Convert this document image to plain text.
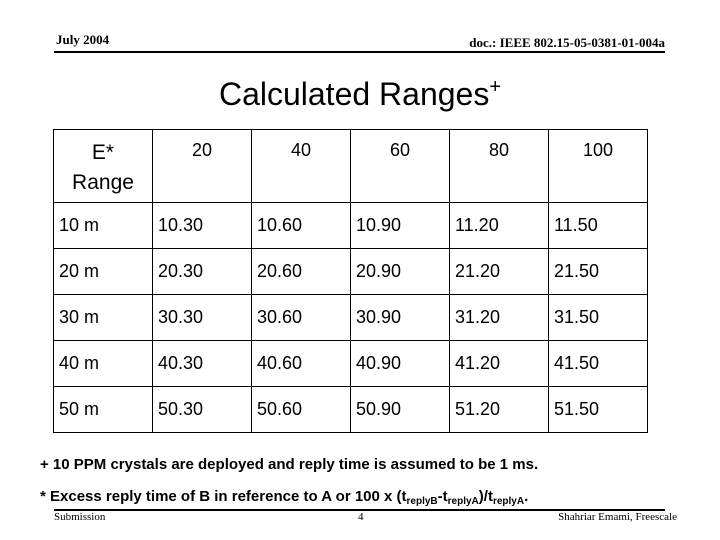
July 2004	doc.: IEEE 802.15-05-0381-01-004a
Calculated Ranges+
E*
Range	20	40	60	80	100

10 m	10.30	10.60	10.90	11.20	11.50
20 m	20.30	20.60	20.90	21.20	21.50
30 m	30.30	30.60	30.90	31.20	31.50
40 m	40.30	40.60	40.90	41.20	41.50
50 m	50.30	50.60	50.90	51.20	51.50
+ 10 PPM crystals are deployed and reply time is assumed to be 1 ms.
* Excess reply time of B in reference to A or 100 x $(t_{replyB}-t_{replyA})/t_{replyA}$.
Submission	4	Shahriar Emami, Freescale
